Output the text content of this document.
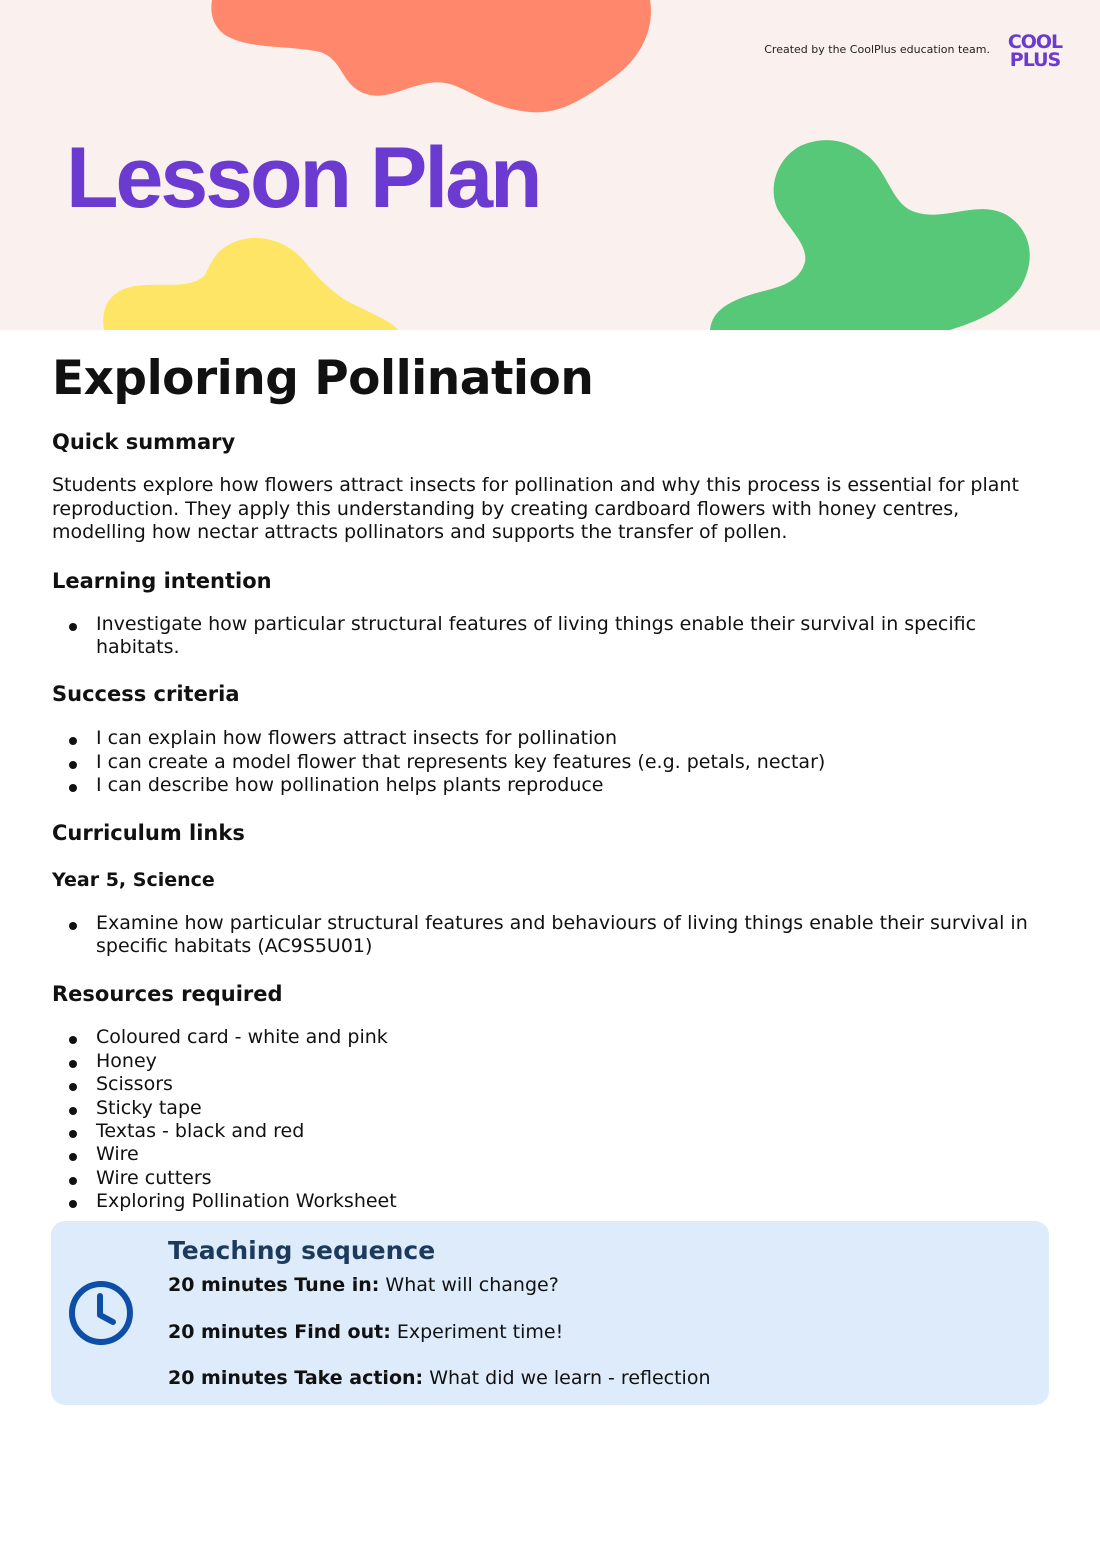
Created by the CoolPlus education team. COOL
PLUS
Lesson Plan
Exploring Pollination
Quick summary

Students explore how flowers attract insects for pollination and why this process is essential for plant reproduction. They apply this understanding by creating cardboard flowers with honey centres, modelling how nectar attracts pollinators and supports the transfer of pollen.

Learning intention
Investigate how particular structural features of living things enable their survival in specific habitats.
Success criteria
I can explain how flowers attract insects for pollination
I can create a model flower that represents key features (e.g. petals, nectar)
I can describe how pollination helps plants reproduce
Curriculum links
Year 5, Science
Examine how particular structural features and behaviours of living things enable their survival in specific habitats (AC9S5U01)
Resources required
Coloured card - white and pink
Honey
Scissors
Sticky tape
Textas - black and red
Wire
Wire cutters
Exploring Pollination Worksheet
Teaching sequence
20 minutes Tune in: What will change?
20 minutes Find out: Experiment time!
20 minutes Take action: What did we learn - reflection
